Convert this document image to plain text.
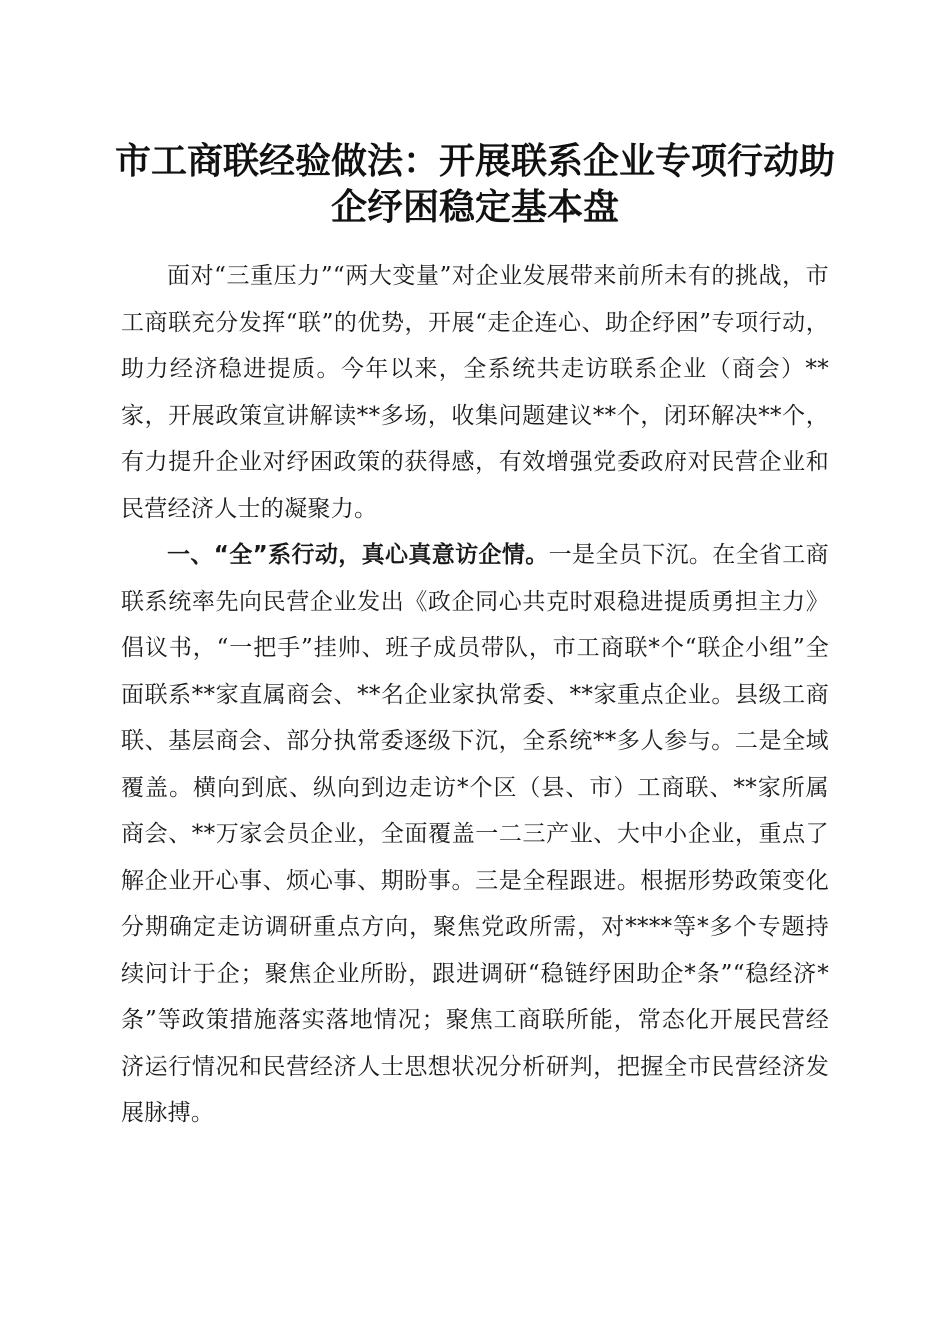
市工商联经验做法：开展联系企业专项行动助
企纾困稳定基本盘

面对“三重压力”“两大变量”对企业发展带来前所未有的挑战，市工商联充分发挥“联”的优势，开展“走企连心、助企纾困”专项行动，助力经济稳进提质。今年以来，全系统共走访联系企业（商会）**家，开展政策宣讲解读**多场，收集问题建议**个，闭环解决**个，有力提升企业对纾困政策的获得感，有效增强党委政府对民营企业和民营经济人士的凝聚力。

一、“全”系行动，真心真意访企情。一是全员下沉。在全省工商联系统率先向民营企业发出《政企同心共克时艰稳进提质勇担主力》倡议书，“一把手”挂帅、班子成员带队，市工商联*个“联企小组”全面联系**家直属商会、**名企业家执常委、**家重点企业。县级工商联、基层商会、部分执常委逐级下沉，全系统**多人参与。二是全域覆盖。横向到底、纵向到边走访*个区（县、市）工商联、**家所属商会、**万家会员企业，全面覆盖一二三产业、大中小企业，重点了解企业开心事、烦心事、期盼事。三是全程跟进。根据形势政策变化分期确定走访调研重点方向，聚焦党政所需，对****等*多个专题持续问计于企；聚焦企业所盼，跟进调研“稳链纾困助企*条”“稳经济*条”等政策措施落实落地情况；聚焦工商联所能，常态化开展民营经济运行情况和民营经济人士思想状况分析研判，把握全市民营经济发展脉搏。
